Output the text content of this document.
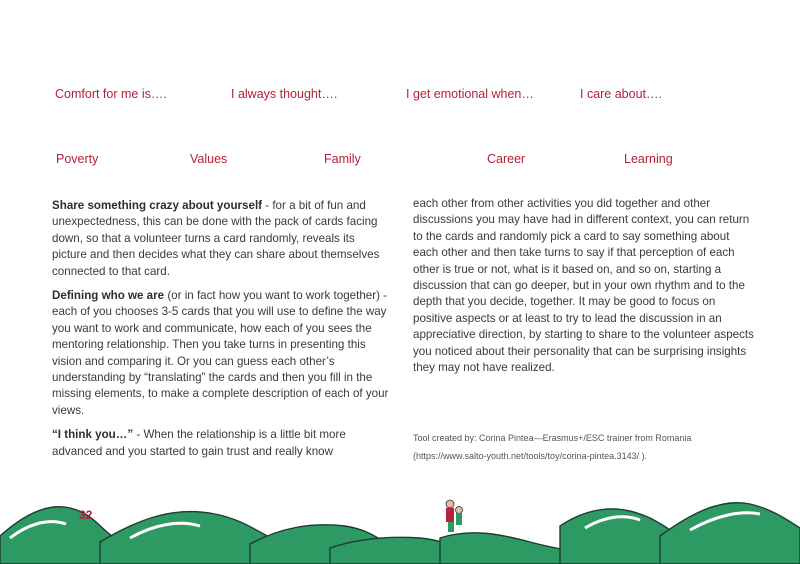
Comfort for me is….	I always thought….	I get emotional when…	I care about….
Poverty	Values	Family	Career	Learning

Share something crazy about yourself - for a bit of fun and unexpectedness, this can be done with the pack of cards facing down, so that a volunteer turns a card randomly, reveals its picture and then decides what they can share about themselves connected to that card.

Defining who we are (or in fact how you want to work together) - each of you chooses 3-5 cards that you will use to define the way you want to work and communicate, how each of you sees the mentoring relationship. Then you take turns in presenting this vision and comparing it. Or you can guess each other’s understanding by “translating” the cards and then you fill in the missing elements, to make a complete description of each of your views.

“I think you…” - When the relationship is a little bit more advanced and you started to gain trust and really know

each other from other activities you did together and other discussions you may have had in different context, you can return to the cards and randomly pick a card to say something about each other and then take turns to say if that perception of each other is true or not, what is it based on, and so on, starting a discussion that can go deeper, but in your own rhythm and to the depth that you decide, together. It may be good to focus on positive aspects or at least to try to lead the discussion in an appreciative direction, by starting to share to the volunteer aspects you noticed about their personality that can be surprising insights they may not have realized.

Tool created by: Corina Pintea—Erasmus+/ESC trainer from Romania
(https://www.salto-youth.net/tools/toy/corina-pintea.3143/ ).
32
